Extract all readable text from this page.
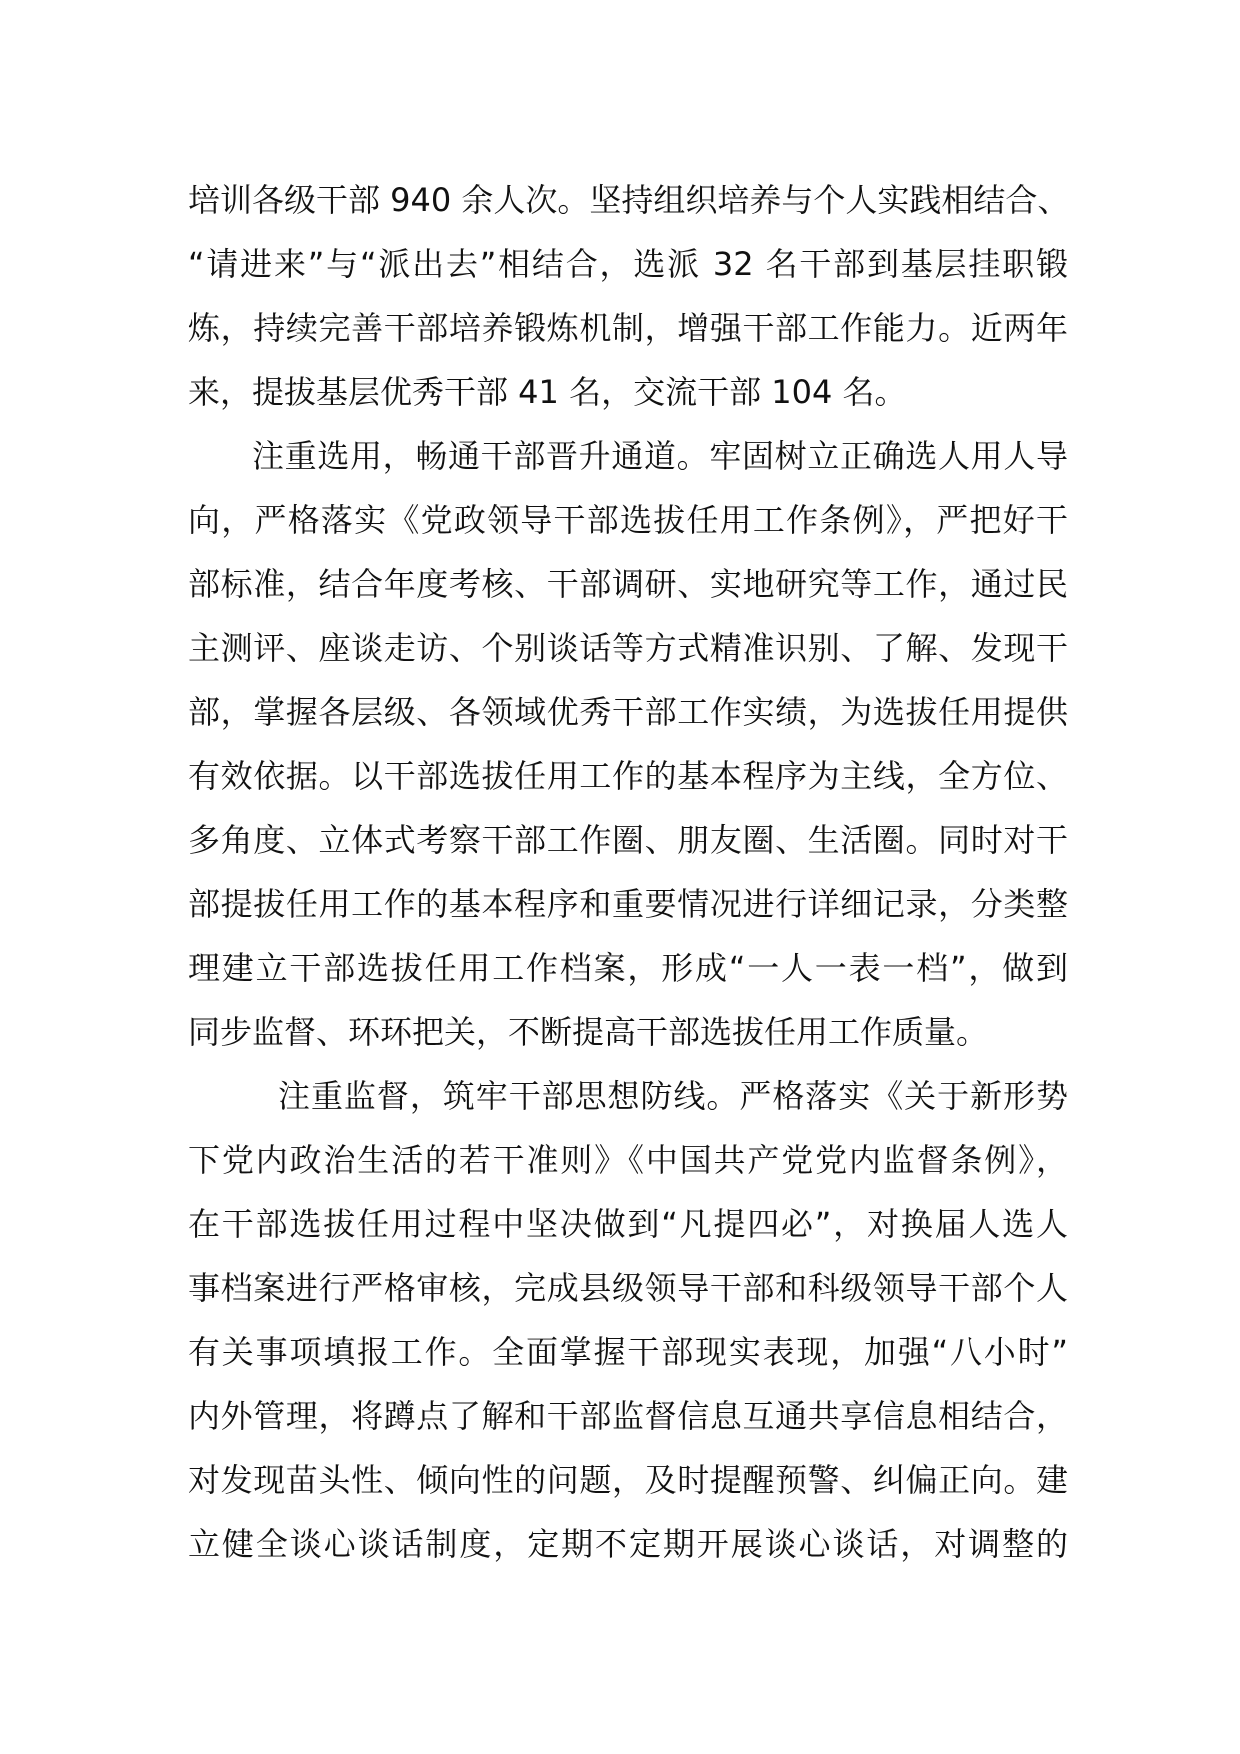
培训各级干部 940 余人次。坚持组织培养与个人实践相结合、
“请进来”与“派出去”相结合，选派 32 名干部到基层挂职锻
炼，持续完善干部培养锻炼机制，增强干部工作能力。近两年
来，提拔基层优秀干部 41 名，交流干部 104 名。
注重选用，畅通干部晋升通道。牢固树立正确选人用人导
向，严格落实《党政领导干部选拔任用工作条例》，严把好干
部标准，结合年度考核、干部调研、实地研究等工作，通过民
主测评、座谈走访、个别谈话等方式精准识别、了解、发现干
部，掌握各层级、各领域优秀干部工作实绩，为选拔任用提供
有效依据。以干部选拔任用工作的基本程序为主线，全方位、
多角度、立体式考察干部工作圈、朋友圈、生活圈。同时对干
部提拔任用工作的基本程序和重要情况进行详细记录，分类整
理建立干部选拔任用工作档案，形成“一人一表一档”，做到
同步监督、环环把关，不断提高干部选拔任用工作质量。
注重监督，筑牢干部思想防线。严格落实《关于新形势
下党内政治生活的若干准则》《中国共产党党内监督条例》，
在干部选拔任用过程中坚决做到“凡提四必”，对换届人选人
事档案进行严格审核，完成县级领导干部和科级领导干部个人
有关事项填报工作。全面掌握干部现实表现，加强“八小时”
内外管理，将蹲点了解和干部监督信息互通共享信息相结合，
对发现苗头性、倾向性的问题，及时提醒预警、纠偏正向。建
立健全谈心谈话制度，定期不定期开展谈心谈话，对调整的
